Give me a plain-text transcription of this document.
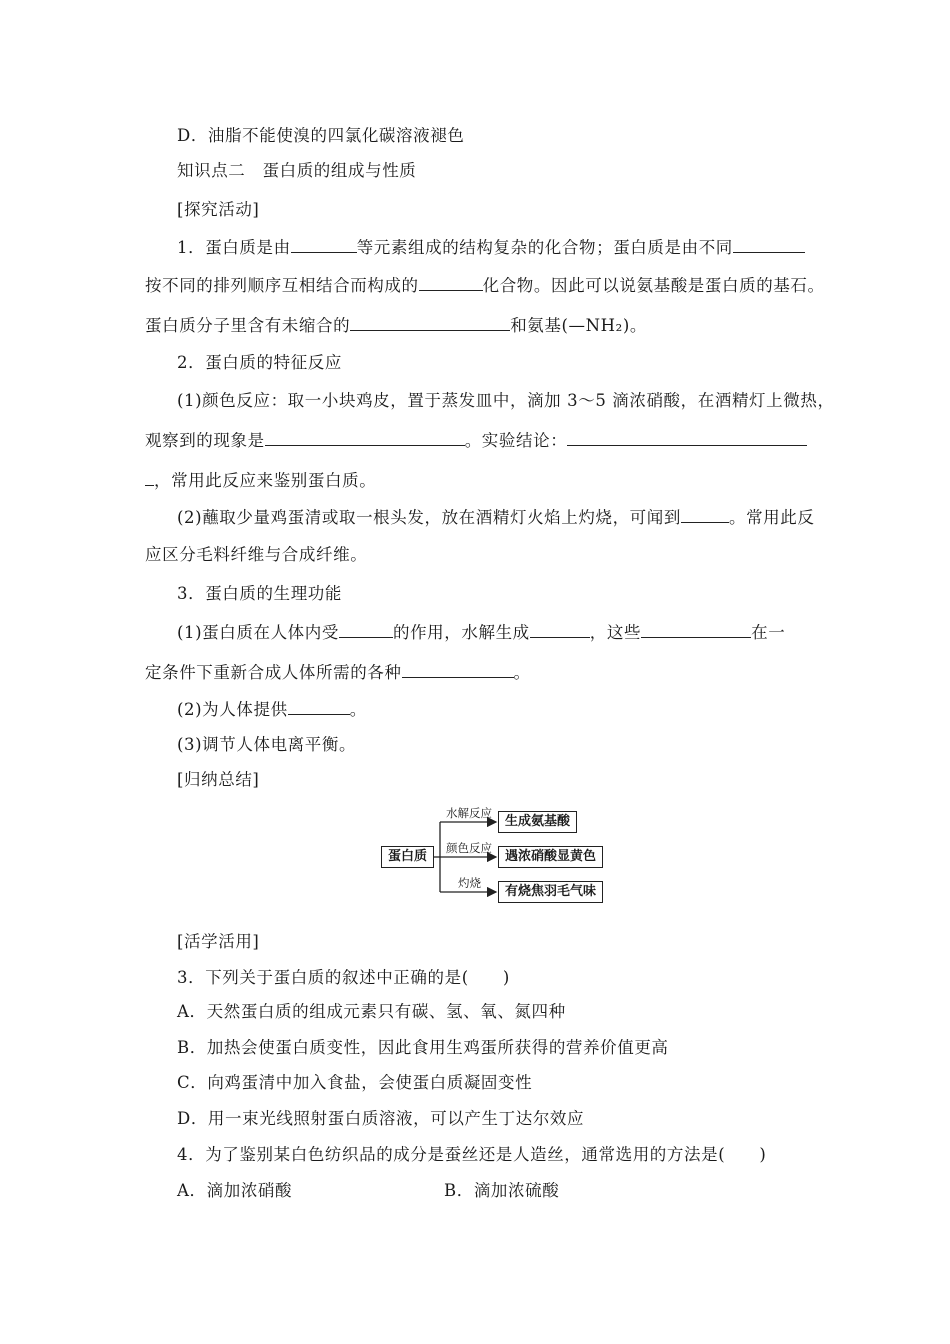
D．油脂不能使溴的四氯化碳溶液褪色
知识点二　蛋白质的组成与性质
[探究活动]
1．蛋白质是由	等元素组成的结构复杂的化合物；蛋白质是由不同
按不同的排列顺序互相结合而构成的	化合物。因此可以说氨基酸是蛋白质的基石。
蛋白质分子里含有未缩合的	和氨基(—NH₂)。
2．蛋白质的特征反应
(1)颜色反应：取一小块鸡皮，置于蒸发皿中，滴加 3～5 滴浓硝酸，在酒精灯上微热，
观察到的现象是	。实验结论：
，常用此反应来鉴别蛋白质。
(2)蘸取少量鸡蛋清或取一根头发，放在酒精灯火焰上灼烧，可闻到	。常用此反
应区分毛料纤维与合成纤维。
3．蛋白质的生理功能
(1)蛋白质在人体内受	的作用，水解生成	，这些	在一
定条件下重新合成人体所需的各种	。
(2)为人体提供	。
(3)调节人体电离平衡。
[归纳总结]
蛋白质
水解反应
颜色反应
灼烧
生成氨基酸
遇浓硝酸显黄色
有烧焦羽毛气味
[活学活用]
3．下列关于蛋白质的叙述中正确的是(　　)
A．天然蛋白质的组成元素只有碳、氢、氧、氮四种
B．加热会使蛋白质变性，因此食用生鸡蛋所获得的营养价值更高
C．向鸡蛋清中加入食盐，会使蛋白质凝固变性
D．用一束光线照射蛋白质溶液，可以产生丁达尔效应
4．为了鉴别某白色纺织品的成分是蚕丝还是人造丝，通常选用的方法是(　　)
A．滴加浓硝酸	B．滴加浓硫酸
